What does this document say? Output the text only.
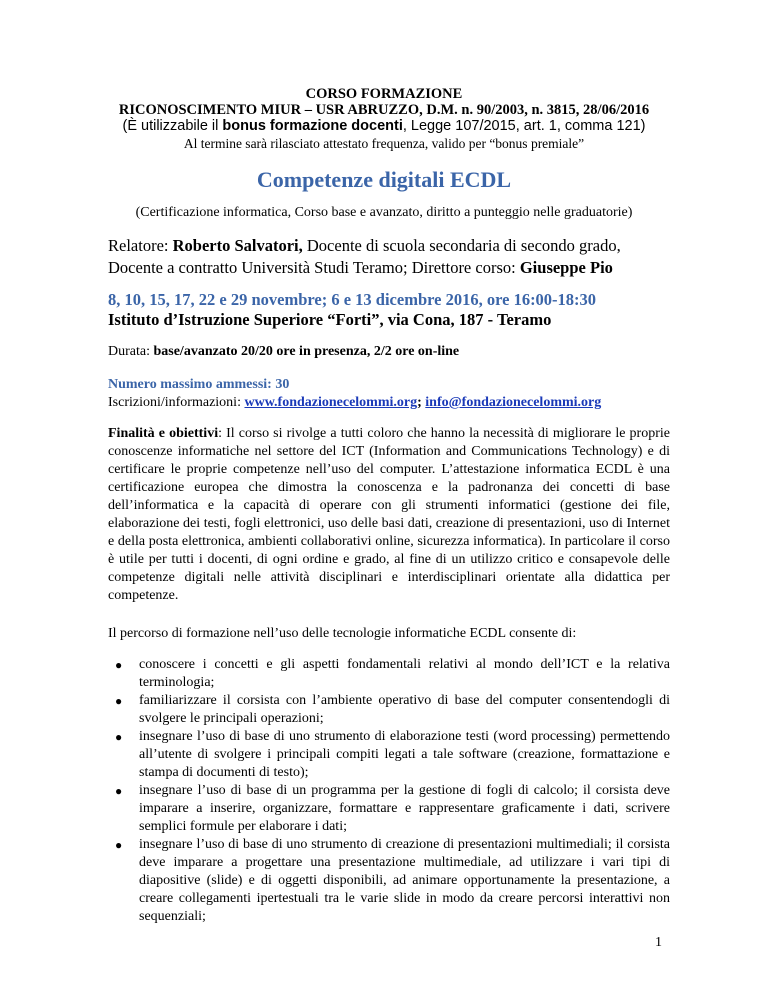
CORSO FORMAZIONE
RICONOSCIMENTO MIUR – USR ABRUZZO, D.M. n. 90/2003, n. 3815, 28/06/2016
(È utilizzabile il bonus formazione docenti, Legge 107/2015, art. 1, comma 121)
Al termine sarà rilasciato attestato frequenza, valido per “bonus premiale”
Competenze digitali ECDL
(Certificazione informatica, Corso base e avanzato, diritto a punteggio nelle graduatorie)
Relatore: Roberto Salvatori, Docente di scuola secondaria di secondo grado, Docente a contratto Università Studi Teramo; Direttore corso: Giuseppe Pio
8, 10, 15, 17, 22 e 29 novembre; 6 e 13 dicembre 2016, ore 16:00-18:30
Istituto d’Istruzione Superiore “Forti”, via Cona, 187 - Teramo
Durata: base/avanzato 20/20 ore in presenza, 2/2 ore on-line
Numero massimo ammessi: 30
Iscrizioni/informazioni: www.fondazionecelommi.org; info@fondazionecelommi.org
Finalità e obiettivi: Il corso si rivolge a tutti coloro che hanno la necessità di migliorare le proprie conoscenze informatiche nel settore del ICT (Information and Communications Technology) e di certificare le proprie competenze nell’uso del computer. L’attestazione informatica ECDL è una certificazione europea che dimostra la conoscenza e la padronanza dei concetti di base dell’informatica e la capacità di operare con gli strumenti informatici (gestione dei file, elaborazione dei testi, fogli elettronici, uso delle basi dati, creazione di presentazioni, uso di Internet e della posta elettronica, ambienti collaborativi online, sicurezza informatica). In particolare il corso è utile per tutti i docenti, di ogni ordine e grado, al fine di un utilizzo critico e consapevole delle competenze digitali nelle attività disciplinari e interdisciplinari orientate alla didattica per competenze.
Il percorso di formazione nell’uso delle tecnologie informatiche ECDL consente di:
● conoscere i concetti e gli aspetti fondamentali relativi al mondo dell’ICT e la relativa terminologia;
● familiarizzare il corsista con l’ambiente operativo di base del computer consentendogli di svolgere le principali operazioni;
● insegnare l’uso di base di uno strumento di elaborazione testi (word processing) permettendo all’utente di svolgere i principali compiti legati a tale software (creazione, formattazione e stampa di documenti di testo);
● insegnare l’uso di base di un programma per la gestione di fogli di calcolo; il corsista deve imparare a inserire, organizzare, formattare e rappresentare graficamente i dati, scrivere semplici formule per elaborare i dati;
● insegnare l’uso di base di uno strumento di creazione di presentazioni multimediali; il corsista deve imparare a progettare una presentazione multimediale, ad utilizzare i vari tipi di diapositive (slide) e di oggetti disponibili, ad animare opportunamente la presentazione, a creare collegamenti ipertestuali tra le varie slide in modo da creare percorsi interattivi non sequenziali;
1
